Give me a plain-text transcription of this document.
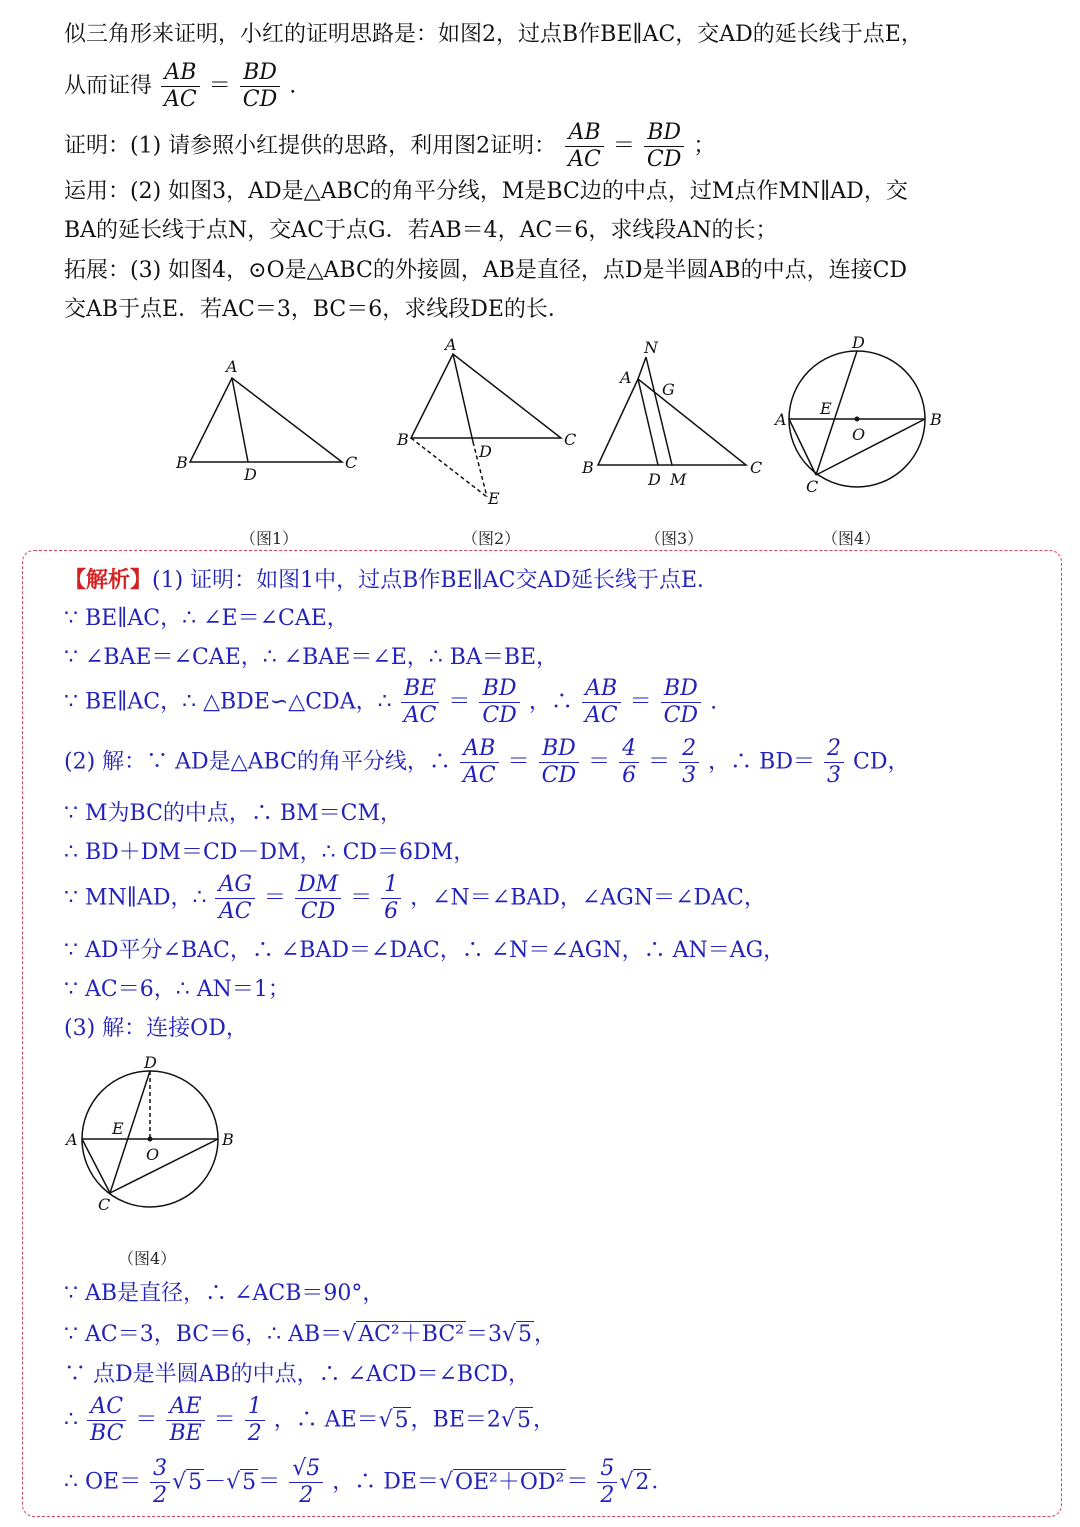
似三角形来证明，小红的证明思路是：如图2，过点B作BE∥AC，交AD的延长线于点E，
从而证得 $\frac{AB}{AC} = \frac{BD}{CD}$ .
证明：(1) 请参照小红提供的思路，利用图2证明： $\frac{AB}{AC} = \frac{BD}{CD}$ ；
运用：(2) 如图3，AD是△ABC的角平分线，M是BC边的中点，过M点作MN∥AD，交
BA的延长线于点N，交AC于点G．若AB＝4，AC＝6，求线段AN的长；
拓展：(3) 如图4，⊙O是△ABC的外接圆，AB是直径，点D是半圆AB的中点，连接CD
交AB于点E．若AC＝3，BC＝6，求线段DE的长．
A
B	C
D
A
B	C
D
E
N
A
G
B	C
D M
D
A	B
E
O
C
（图1）	（图2）	（图3）	（图4）
【解析】(1) 证明：如图1中，过点B作BE∥AC交AD延长线于点E．
∵ BE∥AC，∴ ∠E＝∠CAE，
∵ ∠BAE＝∠CAE，∴ ∠BAE＝∠E，∴ BA＝BE，
∵ BE∥AC，∴ △BDE∽△CDA，∴ $\frac{BE}{AC} = \frac{BD}{CD}$ ，∴ $\frac{AB}{AC} = \frac{BD}{CD}$ .
(2) 解：∵ AD是△ABC的角平分线，∴ $\frac{AB}{AC} = \frac{BD}{CD} = \frac{4}{6} = \frac{2}{3}$ ，∴ $BD= \frac{2}{3}$ CD，
∵ M为BC的中点，∴ BM＝CM，
∴ BD＋DM＝CD－DM，∴ CD＝6DM，
∵ MN∥AD，∴ $\frac{AG}{AC} = \frac{DM}{CD} = \frac{1}{6}$ ，∠N＝∠BAD，∠AGN＝∠DAC，
∵ AD平分∠BAC，∴ ∠BAD＝∠DAC，∴ ∠N＝∠AGN，∴ AN＝AG，
∵ AC＝6，∴ AN＝1；
(3) 解：连接OD，
D
A	B
E
O
C
（图4）
∵ AB是直径，∴ ∠ACB＝90°，
∵ AC＝3，BC＝6，∴ AB＝√AC²＋BC²＝3√5，
∵ 点D是半圆AB的中点，∴ ∠ACD＝∠BCD，
∴ $\frac{AC}{BC} = \frac{AE}{BE} = \frac{1}{2}$ ，∴ AE＝√5，BE＝2√5，
∴ $OE= \frac{3}{2} √5-√5= \frac{√5}{2}$ ，∴ $DE=√OE^2+OD^2= \frac{5}{2} √2$．
